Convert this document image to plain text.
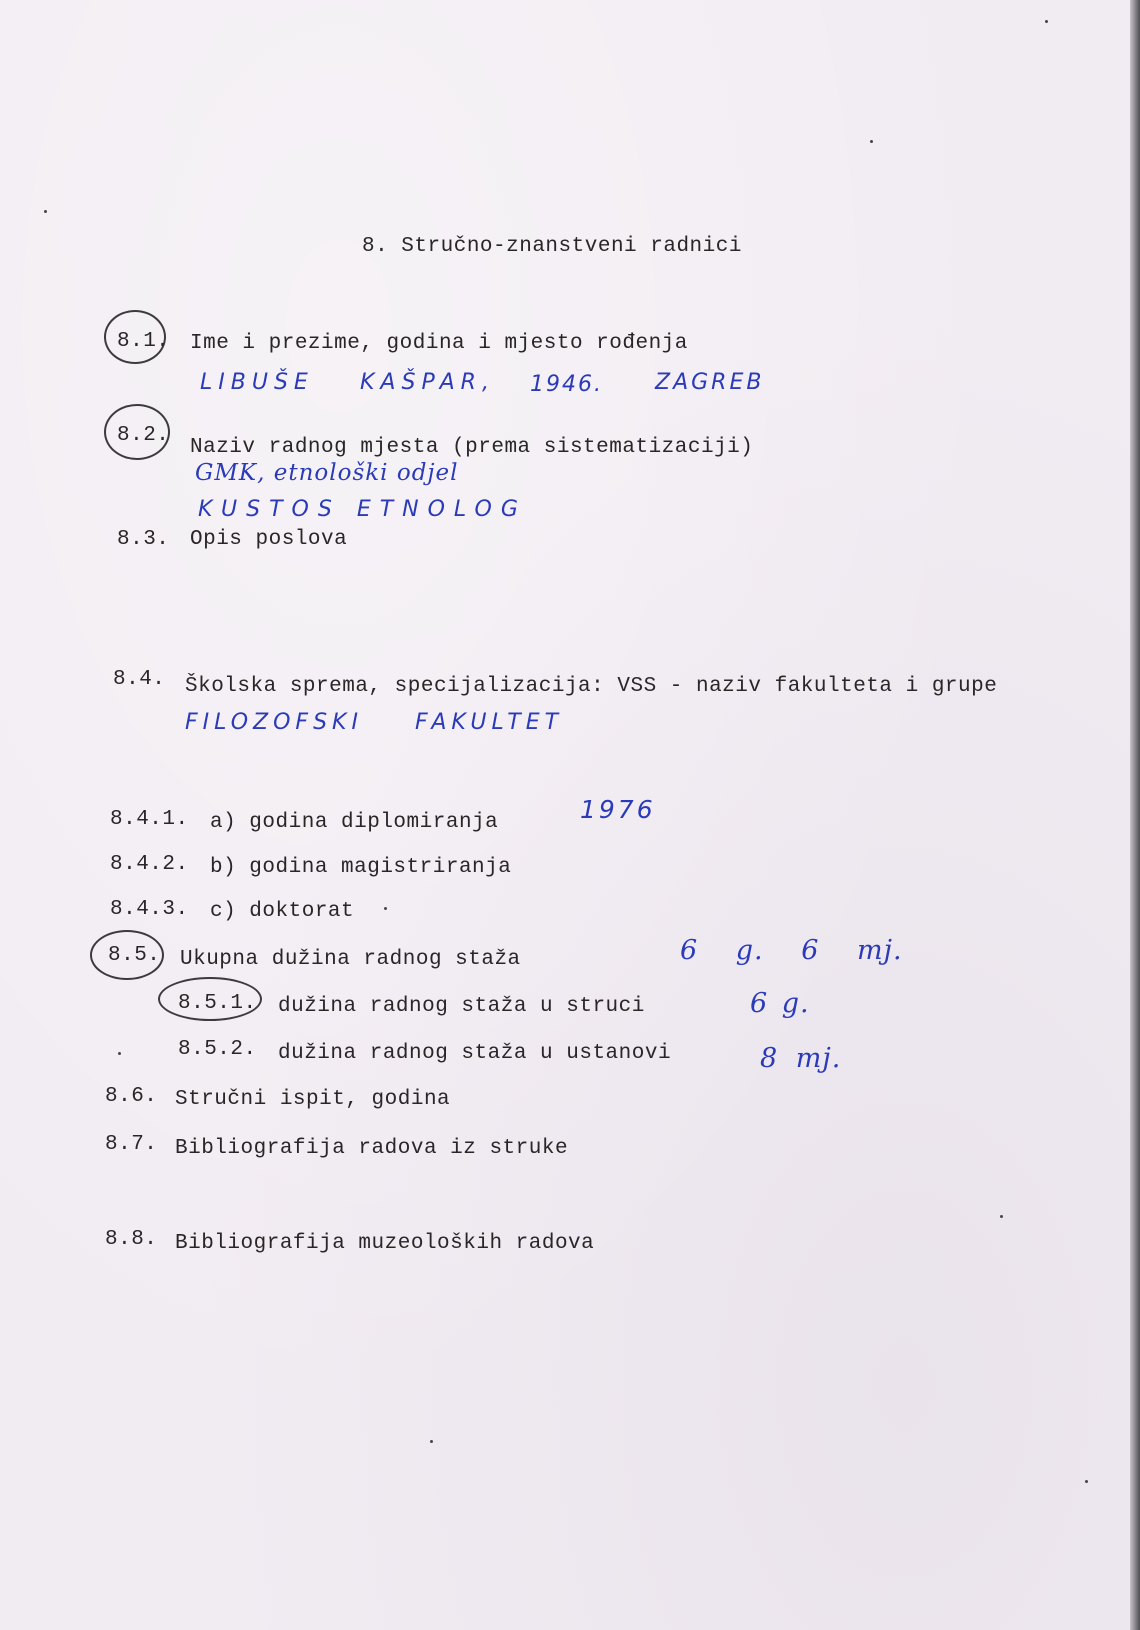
8. Stručno-znanstveni radnici
8.1. Ime i prezime, godina i mjesto rođenja
LIBUŠE KAŠPAR, 1946. ZAGREB
8.2.
Naziv radnog mjesta (prema sistematizaciji)
GMK, etnološki odjel
KUSTOS ETNOLOG
8.3. Opis poslova
8.4. Školska sprema, specijalizacija: VSS - naziv fakulteta i grupe
FILOZOFSKI FAKULTET
8.4.1. a) godina diplomiranja	1976
8.4.2. b) godina magistriranja
8.4.3. c) doktorat
8.5. Ukupna dužina radnog staža	6 g. 6 mj.
8.5.1. dužina radnog staža u struci	6 g.
8.5.2. dužina radnog staža u ustanovi	8 mj.
8.6. Stručni ispit, godina
8.7. Bibliografija radova iz struke
8.8. Bibliografija muzeoloških radova
